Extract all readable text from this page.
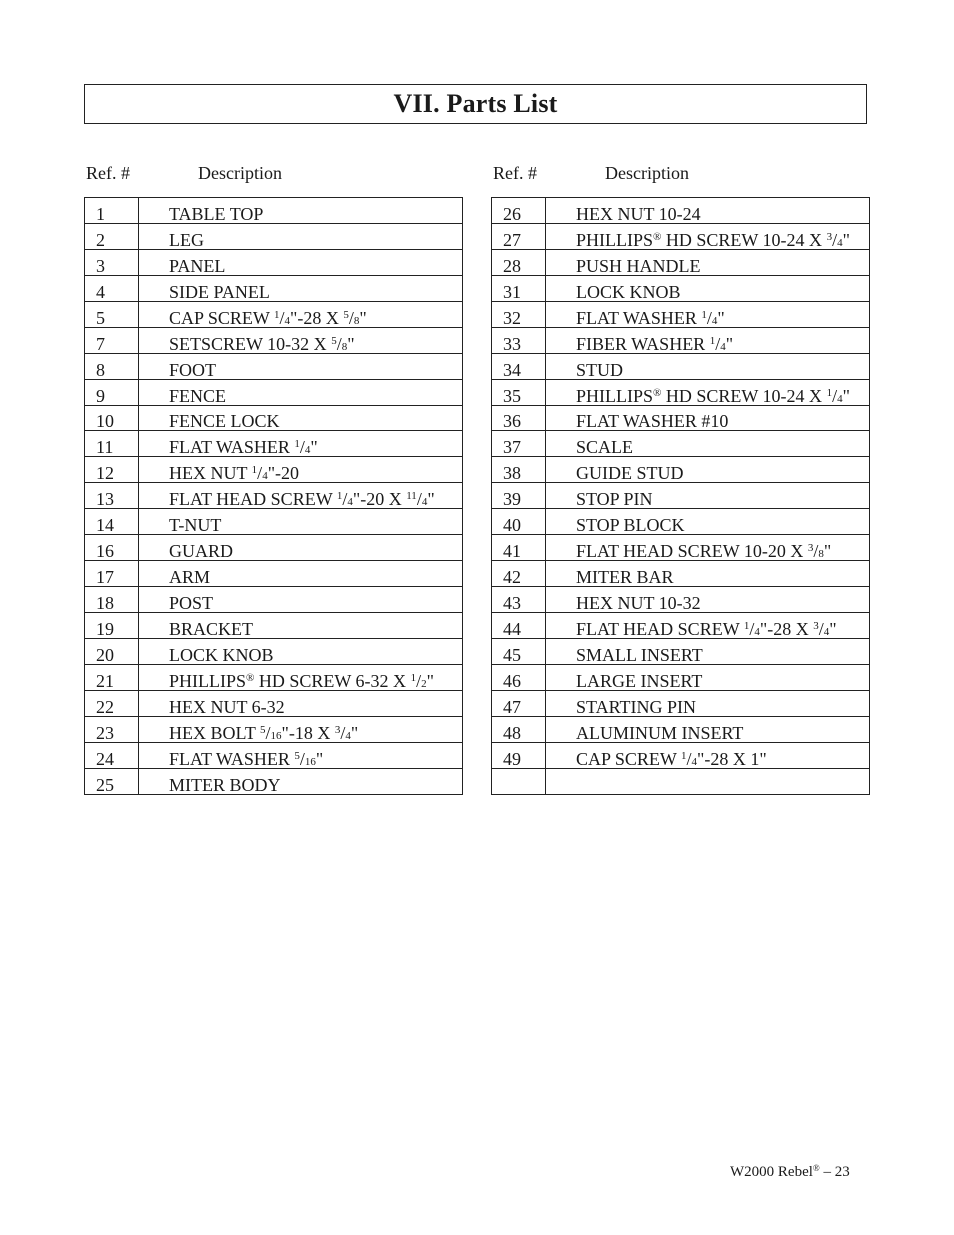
VII. Parts List
Ref. #	Description	Ref. #	Description
1	TABLE TOP
2	LEG
3	PANEL
4	SIDE PANEL
5	CAP SCREW $^1$/4"-28 X $^5$/8"
7	SETSCREW 10-32 X $^5$/8"
8	FOOT
9	FENCE
10	FENCE LOCK
11	FLAT WASHER $^1$/4"
12	HEX NUT $^1$/4"-20
13	FLAT HEAD SCREW $^1$/4"-20 X $^{11}$/4"
14	T-NUT
16	GUARD
17	ARM
18	POST
19	BRACKET
20	LOCK KNOB
21	PHILLIPS® HD SCREW 6-32 X $^1$/2"
22	HEX NUT 6-32
23	HEX BOLT $^5$/16"-18 X $^3$/4"
24	FLAT WASHER $^5$/16"
25	MITER BODY
26	HEX NUT 10-24
27	PHILLIPS® HD SCREW 10-24 X $^3$/4"
28	PUSH HANDLE
31	LOCK KNOB
32	FLAT WASHER $^1$/4"
33	FIBER WASHER $^1$/4"
34	STUD
35	PHILLIPS® HD SCREW 10-24 X $^1$/4"
36	FLAT WASHER #10
37	SCALE
38	GUIDE STUD
39	STOP PIN
40	STOP BLOCK
41	FLAT HEAD SCREW 10-20 X $^3$/8"
42	MITER BAR
43	HEX NUT 10-32
44	FLAT HEAD SCREW $^1$/4"-28 X $^3$/4"
45	SMALL INSERT
46	LARGE INSERT
47	STARTING PIN
48	ALUMINUM INSERT
49	CAP SCREW $^1$/4"-28 X 1"

W2000 Rebel® – 23
